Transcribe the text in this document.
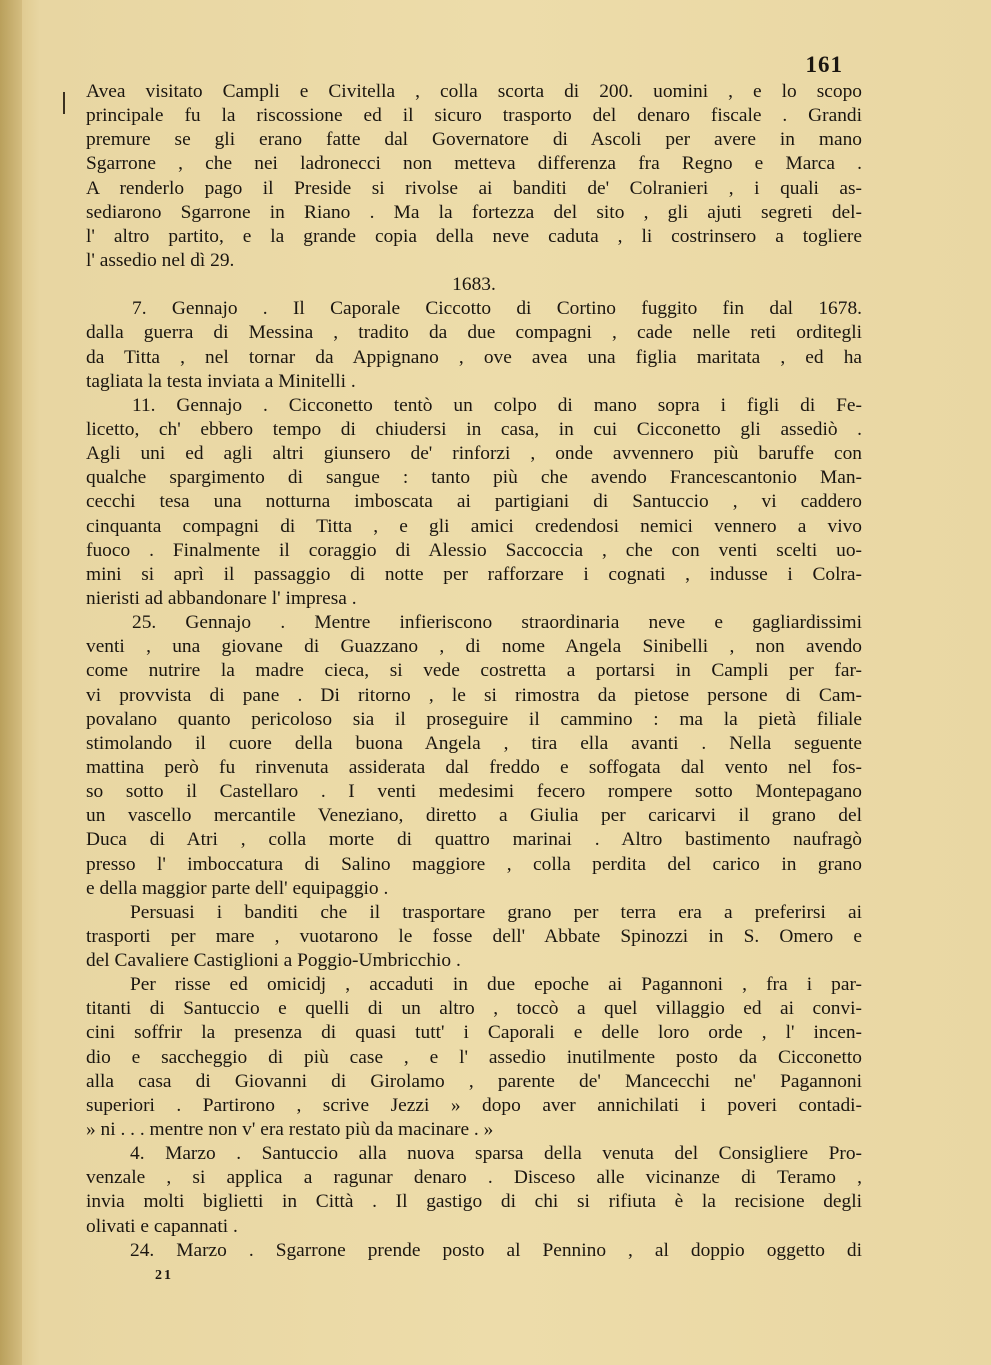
161
Avea visitato Campli e Civitella , colla scorta di 200. uomini , e lo scopo
principale fu la riscossione ed il sicuro trasporto del denaro fiscale . Grandi
premure se gli erano fatte dal Governatore di Ascoli per avere in mano
Sgarrone , che nei ladronecci non metteva differenza fra Regno e Marca .
A renderlo pago il Preside si rivolse ai banditi de' Colranieri , i quali as-
sediarono Sgarrone in Riano . Ma la fortezza del sito , gli ajuti segreti del-
l' altro partito, e la grande copia della neve caduta , li costrinsero a togliere
l' assedio nel dì 29.
1683.
7. Gennajo . Il Caporale Ciccotto di Cortino fuggito fin dal 1678.
dalla guerra di Messina , tradito da due compagni , cade nelle reti orditegli
da Titta , nel tornar da Appignano , ove avea una figlia maritata , ed ha
tagliata la testa inviata a Minitelli .
11. Gennajo . Cicconetto tentò un colpo di mano sopra i figli di Fe-
licetto, ch' ebbero tempo di chiudersi in casa, in cui Cicconetto gli assediò .
Agli uni ed agli altri giunsero de' rinforzi , onde avvennero più baruffe con
qualche spargimento di sangue : tanto più che avendo Francescantonio Man-
cecchi tesa una notturna imboscata ai partigiani di Santuccio , vi caddero
cinquanta compagni di Titta , e gli amici credendosi nemici vennero a vivo
fuoco . Finalmente il coraggio di Alessio Saccoccia , che con venti scelti uo-
mini si aprì il passaggio di notte per rafforzare i cognati , indusse i Colra-
nieristi ad abbandonare l' impresa .
25. Gennajo . Mentre infieriscono straordinaria neve e gagliardissimi
venti , una giovane di Guazzano , di nome Angela Sinibelli , non avendo
come nutrire la madre cieca, si vede costretta a portarsi in Campli per far-
vi provvista di pane . Di ritorno , le si rimostra da pietose persone di Cam-
povalano quanto pericoloso sia il proseguire il cammino : ma la pietà filiale
stimolando il cuore della buona Angela , tira ella avanti . Nella seguente
mattina però fu rinvenuta assiderata dal freddo e soffogata dal vento nel fos-
so sotto il Castellaro . I venti medesimi fecero rompere sotto Montepagano
un vascello mercantile Veneziano, diretto a Giulia per caricarvi il grano del
Duca di Atri , colla morte di quattro marinai . Altro bastimento naufragò
presso l' imboccatura di Salino maggiore , colla perdita del carico in grano
e della maggior parte dell' equipaggio .
Persuasi i banditi che il trasportare grano per terra era a preferirsi ai
trasporti per mare , vuotarono le fosse dell' Abbate Spinozzi in S. Omero e
del Cavaliere Castiglioni a Poggio-Umbricchio .
Per risse ed omicidj , accaduti in due epoche ai Pagannoni , fra i par-
titanti di Santuccio e quelli di un altro , toccò a quel villaggio ed ai convi-
cini soffrir la presenza di quasi tutt' i Caporali e delle loro orde , l' incen-
dio e saccheggio di più case , e l' assedio inutilmente posto da Cicconetto
alla casa di Giovanni di Girolamo , parente de' Mancecchi ne' Pagannoni
superiori . Partirono , scrive Jezzi » dopo aver annichilati i poveri contadi-
» ni . . . mentre non v' era restato più da macinare . »
4. Marzo . Santuccio alla nuova sparsa della venuta del Consigliere Pro-
venzale , si applica a ragunar denaro . Disceso alle vicinanze di Teramo ,
invia molti biglietti in Città . Il gastigo di chi si rifiuta è la recisione degli
olivati e capannati .
24. Marzo . Sgarrone prende posto al Pennino , al doppio oggetto di
21
